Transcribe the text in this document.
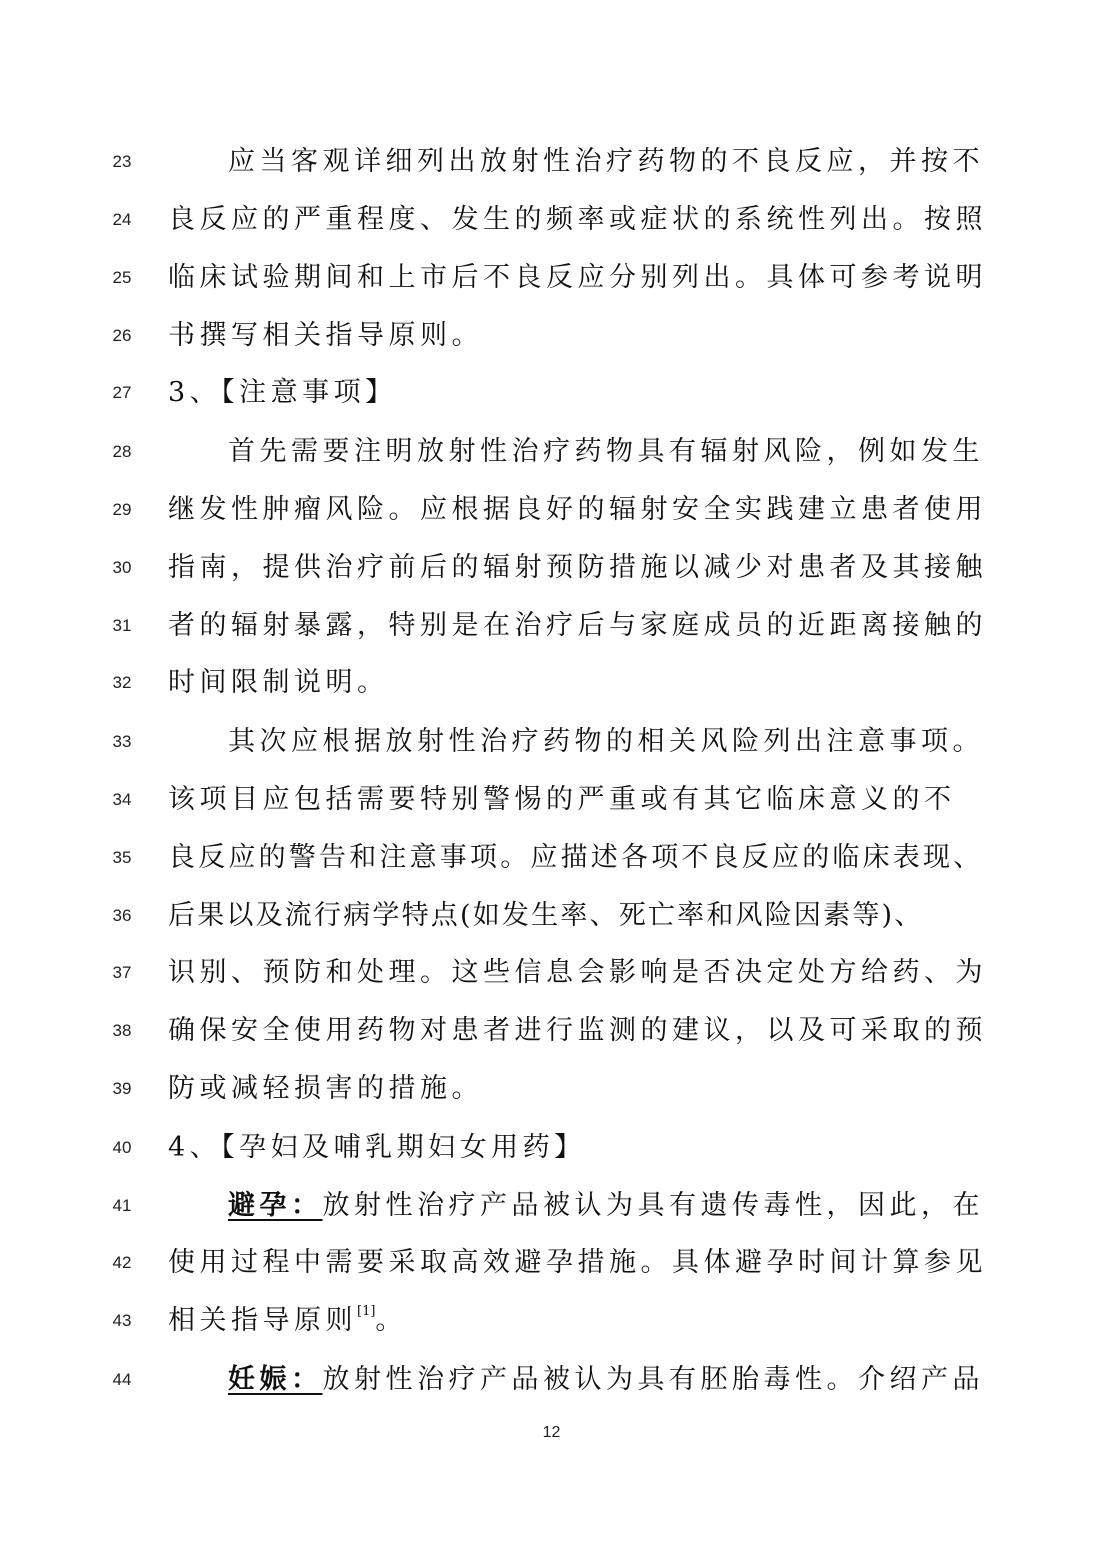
23	应当客观详细列出放射性治疗药物的不良反应，并按不
24	良反应的严重程度、发生的频率或症状的系统性列出。按照
25	临床试验期间和上市后不良反应分别列出。具体可参考说明
26	书撰写相关指导原则。
27	3、【注意事项】
28	首先需要注明放射性治疗药物具有辐射风险，例如发生
29	继发性肿瘤风险。应根据良好的辐射安全实践建立患者使用
30	指南，提供治疗前后的辐射预防措施以减少对患者及其接触
31	者的辐射暴露，特别是在治疗后与家庭成员的近距离接触的
32	时间限制说明。
33	其次应根据放射性治疗药物的相关风险列出注意事项。
34	该项目应包括需要特别警惕的严重或有其它临床意义的不
35	良反应的警告和注意事项。应描述各项不良反应的临床表现、
36	后果以及流行病学特点(如发生率、死亡率和风险因素等)、
37	识别、预防和处理。这些信息会影响是否决定处方给药、为
38	确保安全使用药物对患者进行监测的建议，以及可采取的预
39	防或减轻损害的措施。
40	4、【孕妇及哺乳期妇女用药】
41	避孕：放射性治疗产品被认为具有遗传毒性，因此，在
42	使用过程中需要采取高效避孕措施。具体避孕时间计算参见
43	相关指导原则[1]。
44	妊娠：放射性治疗产品被认为具有胚胎毒性。介绍产品
12
